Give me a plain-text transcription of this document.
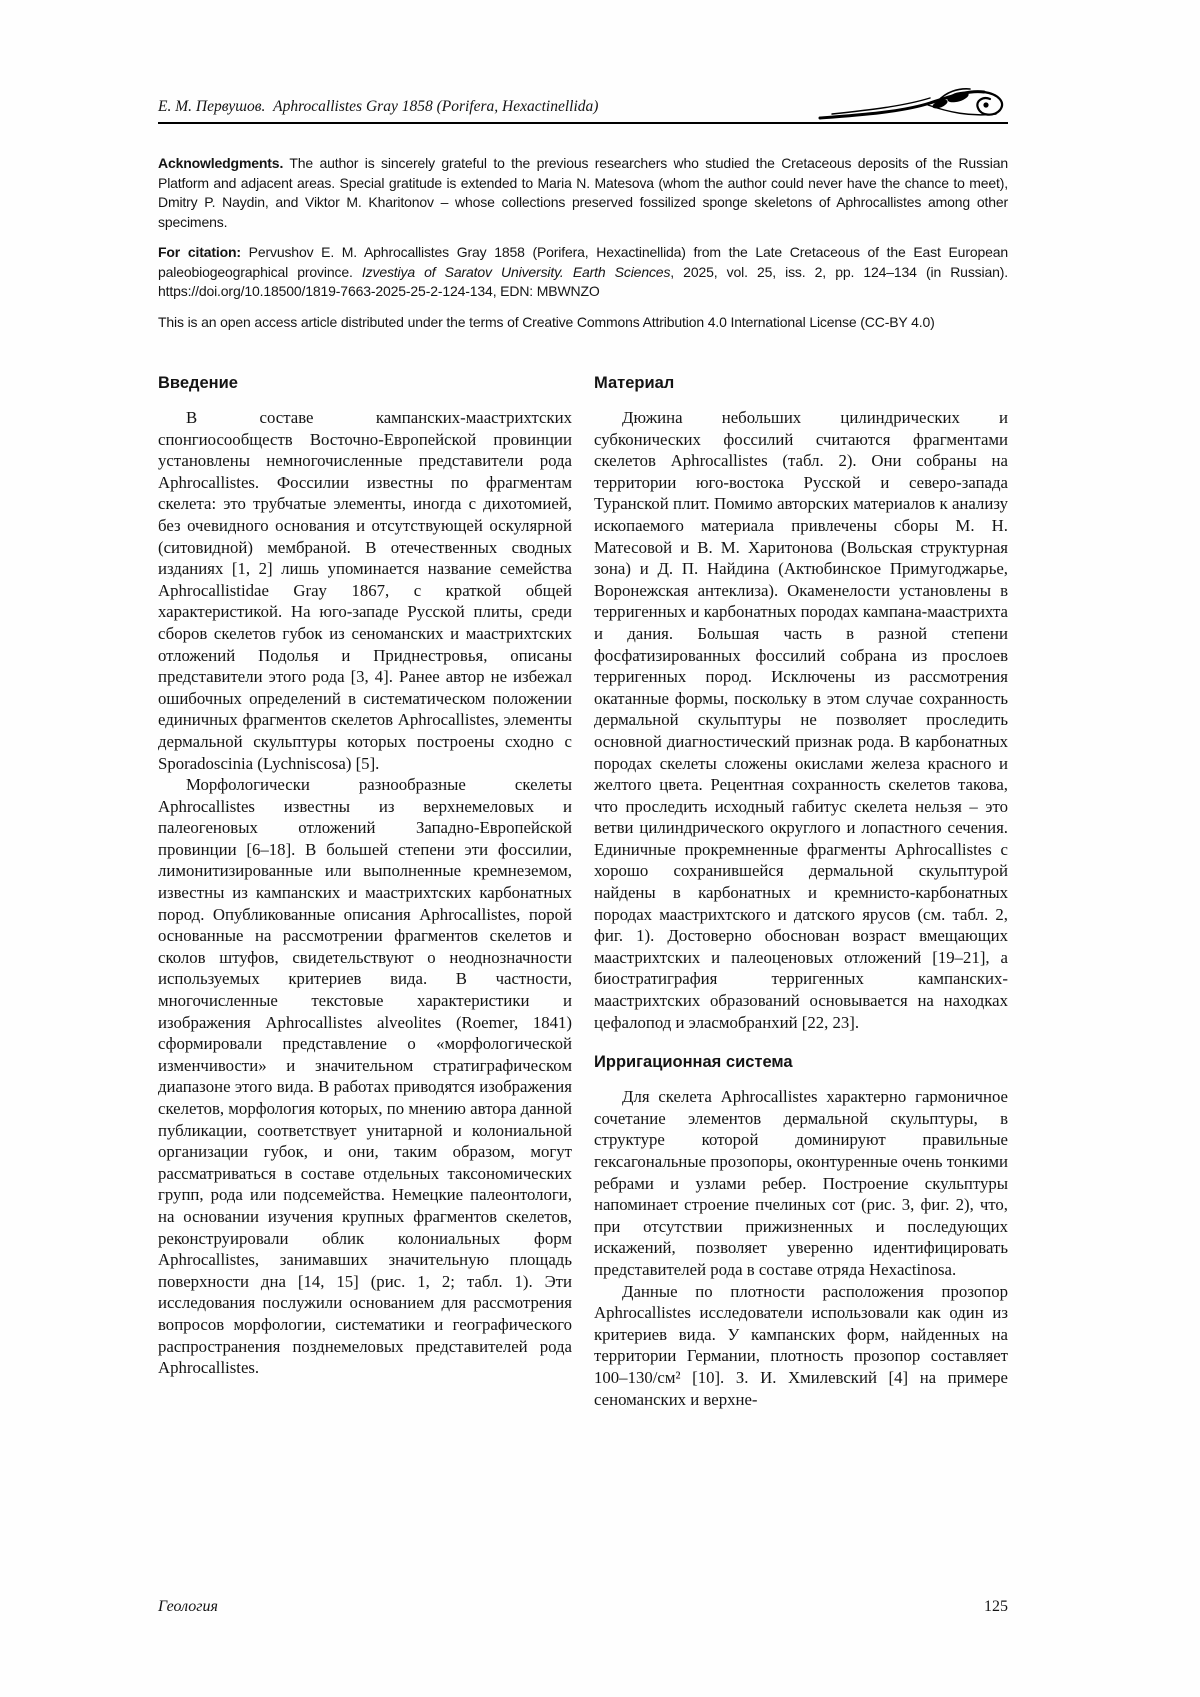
Е. М. Первушов.  Aphrocallistes Gray 1858 (Porifera, Hexactinellida)

Acknowledgments. The author is sincerely grateful to the previous researchers who studied the Cretaceous deposits of the Russian Platform and adjacent areas. Special gratitude is extended to Maria N. Matesova (whom the author could never have the chance to meet), Dmitry P. Naydin, and Viktor M. Kharitonov – whose collections preserved fossilized sponge skeletons of Aphrocallistes among other specimens.

For citation: Pervushov E. M. Aphrocallistes Gray 1858 (Porifera, Hexactinellida) from the Late Cretaceous of the East European paleobiogeographical province. Izvestiya of Saratov University. Earth Sciences, 2025, vol. 25, iss. 2, pp. 124–134 (in Russian). https://doi.org/10.18500/1819-7663-2025-25-2-124-134, EDN: MBWNZO

This is an open access article distributed under the terms of Creative Commons Attribution 4.0 International License (CC-BY 4.0)

Введение

В составе кампанских-маастрихтских спонгиосообществ Восточно-Европейской провинции установлены немногочисленные представители рода Aphrocallistes. Фоссилии известны по фрагментам скелета: это трубчатые элементы, иногда с дихотомией, без очевидного основания и отсутствующей оскулярной (ситовидной) мембраной. В отечественных сводных изданиях [1, 2] лишь упоминается название семейства Aphrocallistidae Gray 1867, с краткой общей характеристикой. На юго-западе Русской плиты, среди сборов скелетов губок из сеноманских и маастрихтских отложений Подолья и Приднестровья, описаны представители этого рода [3, 4]. Ранее автор не избежал ошибочных определений в систематическом положении единичных фрагментов скелетов Aphrocallistes, элементы дермальной скульптуры которых построены сходно с Sporadoscinia (Lychniscosa) [5].

Морфологически разнообразные скелеты Aphrocallistes известны из верхнемеловых и палеогеновых отложений Западно-Европейской провинции [6–18]. В большей степени эти фоссилии, лимонитизированные или выполненные кремнеземом, известны из кампанских и маастрихтских карбонатных пород. Опубликованные описания Aphrocallistes, порой основанные на рассмотрении фрагментов скелетов и сколов штуфов, свидетельствуют о неоднозначности используемых критериев вида. В частности, многочисленные текстовые характеристики и изображения Aphrocallistes alveolites (Roemer, 1841) сформировали представление о «морфологической изменчивости» и значительном стратиграфическом диапазоне этого вида. В работах приводятся изображения скелетов, морфология которых, по мнению автора данной публикации, соответствует унитарной и колониальной организации губок, и они, таким образом, могут рассматриваться в составе отдельных таксономических групп, рода или подсемейства. Немецкие палеонтологи, на основании изучения крупных фрагментов скелетов, реконструировали облик колониальных форм Aphrocallistes, занимавших значительную площадь поверхности дна [14, 15] (рис. 1, 2; табл. 1). Эти исследования послужили основанием для рассмотрения вопросов морфологии, систематики и географического распространения позднемеловых представителей рода Aphrocallistes.

Материал

Дюжина небольших цилиндрических и субконических фоссилий считаются фрагментами скелетов Aphrocallistes (табл. 2). Они собраны на территории юго-востока Русской и северо-запада Туранской плит. Помимо авторских материалов к анализу ископаемого материала привлечены сборы М. Н. Матесовой и В. М. Харитонова (Вольская структурная зона) и Д. П. Найдина (Актюбинское Примугоджарье, Воронежская антеклиза). Окаменелости установлены в терригенных и карбонатных породах кампана-маастрихта и дания. Большая часть в разной степени фосфатизированных фоссилий собрана из прослоев терригенных пород. Исключены из рассмотрения окатанные формы, поскольку в этом случае сохранность дермальной скульптуры не позволяет проследить основной диагностический признак рода. В карбонатных породах скелеты сложены окислами железа красного и желтого цвета. Рецентная сохранность скелетов такова, что проследить исходный габитус скелета нельзя – это ветви цилиндрического округлого и лопастного сечения. Единичные прокремненные фрагменты Aphrocallistes с хорошо сохранившейся дермальной скульптурой найдены в карбонатных и кремнисто-карбонатных породах маастрихтского и датского ярусов (см. табл. 2, фиг. 1). Достоверно обоснован возраст вмещающих маастрихтских и палеоценовых отложений [19–21], а биостратиграфия терригенных кампанских-маастрихтских образований основывается на находках цефалопод и эласмобранхий [22, 23].

Ирригационная система

Для скелета Aphrocallistes характерно гармоничное сочетание элементов дермальной скульптуры, в структуре которой доминируют правильные гексагональные прозопоры, оконтуренные очень тонкими ребрами и узлами ребер. Построение скульптуры напоминает строение пчелиных сот (рис. 3, фиг. 2), что, при отсутствии прижизненных и последующих искажений, позволяет уверенно идентифицировать представителей рода в составе отряда Hexactinosa.

Данные по плотности расположения прозопор Aphrocallistes исследователи использовали как один из критериев вида. У кампанских форм, найденных на территории Германии, плотность прозопор составляет 100–130/см² [10]. З. И. Хмилевский [4] на примере сеноманских и верхне-

Геология	125
